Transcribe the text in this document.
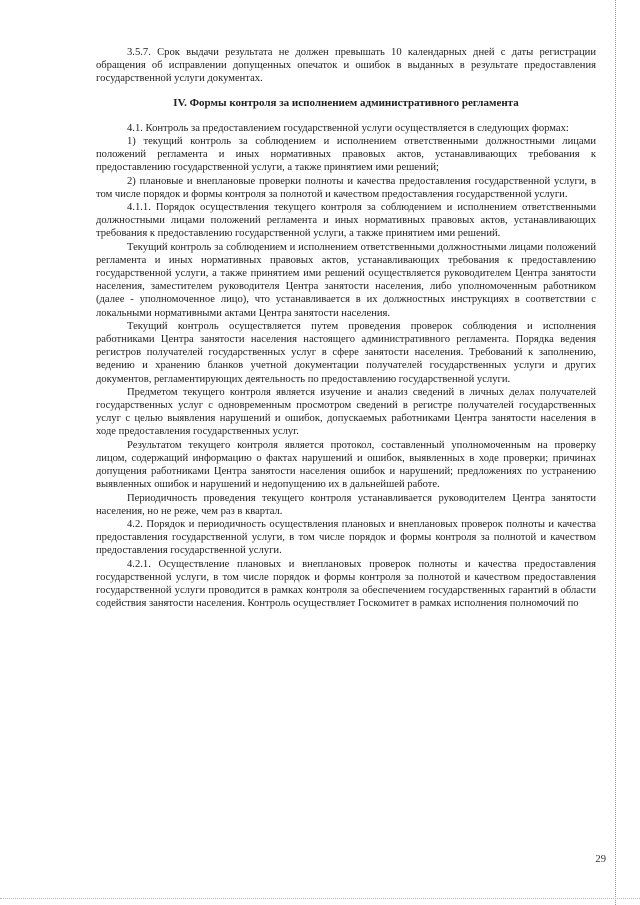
3.5.7. Срок выдачи результата не должен превышать 10 календарных дней с даты регистрации обращения об исправлении допущенных опечаток и ошибок в выданных в результате предоставления государственной услуги документах.

IV. Формы контроля за исполнением административного регламента

4.1. Контроль за предоставлением государственной услуги осуществляется в следующих формах:

1) текущий контроль за соблюдением и исполнением ответственными должностными лицами положений регламента и иных нормативных правовых актов, устанавливающих требования к предоставлению государственной услуги, а также принятием ими решений;

2) плановые и внеплановые проверки полноты и качества предоставления государственной услуги, в том числе порядок и формы контроля за полнотой и качеством предоставления государственной услуги.

4.1.1. Порядок осуществления текущего контроля за соблюдением и исполнением ответственными должностными лицами положений регламента и иных нормативных правовых актов, устанавливающих требования к предоставлению государственной услуги, а также принятием ими решений.

Текущий контроль за соблюдением и исполнением ответственными должностными лицами положений регламента и иных нормативных правовых актов, устанавливающих требования к предоставлению государственной услуги, а также принятием ими решений осуществляется руководителем Центра занятости населения, заместителем руководителя Центра занятости населения, либо уполномоченным работником (далее - уполномоченное лицо), что устанавливается в их должностных инструкциях в соответствии с локальными нормативными актами Центра занятости населения.

Текущий контроль осуществляется путем проведения проверок соблюдения и исполнения работниками Центра занятости населения настоящего административного регламента. Порядка ведения регистров получателей государственных услуг в сфере занятости населения. Требований к заполнению, ведению и хранению бланков учетной документации получателей государственных услуги и других документов, регламентирующих деятельность по предоставлению государственной услуги.

Предметом текущего контроля является изучение и анализ сведений в личных делах получателей государственных услуг с одновременным просмотром сведений в регистре получателей государственных услуг с целью выявления нарушений и ошибок, допускаемых работниками Центра занятости населения в ходе предоставления государственных услуг.

Результатом текущего контроля является протокол, составленный уполномоченным на проверку лицом, содержащий информацию о фактах нарушений и ошибок, выявленных в ходе проверки; причинах допущения работниками Центра занятости населения ошибок и нарушений; предложениях по устранению выявленных ошибок и нарушений и недопущению их в дальнейшей работе.

Периодичность проведения текущего контроля устанавливается руководителем Центра занятости населения, но не реже, чем раз в квартал.

4.2. Порядок и периодичность осуществления плановых и внеплановых проверок полноты и качества предоставления государственной услуги, в том числе порядок и формы контроля за полнотой и качеством предоставления государственной услуги.

4.2.1. Осуществление плановых и внеплановых проверок полноты и качества предоставления государственной услуги, в том числе порядок и формы контроля за полнотой и качеством предоставления государственной услуги проводится в рамках контроля за обеспечением государственных гарантий в области содействия занятости населения. Контроль осуществляет Госкомитет в рамках исполнения полномочий по

29
